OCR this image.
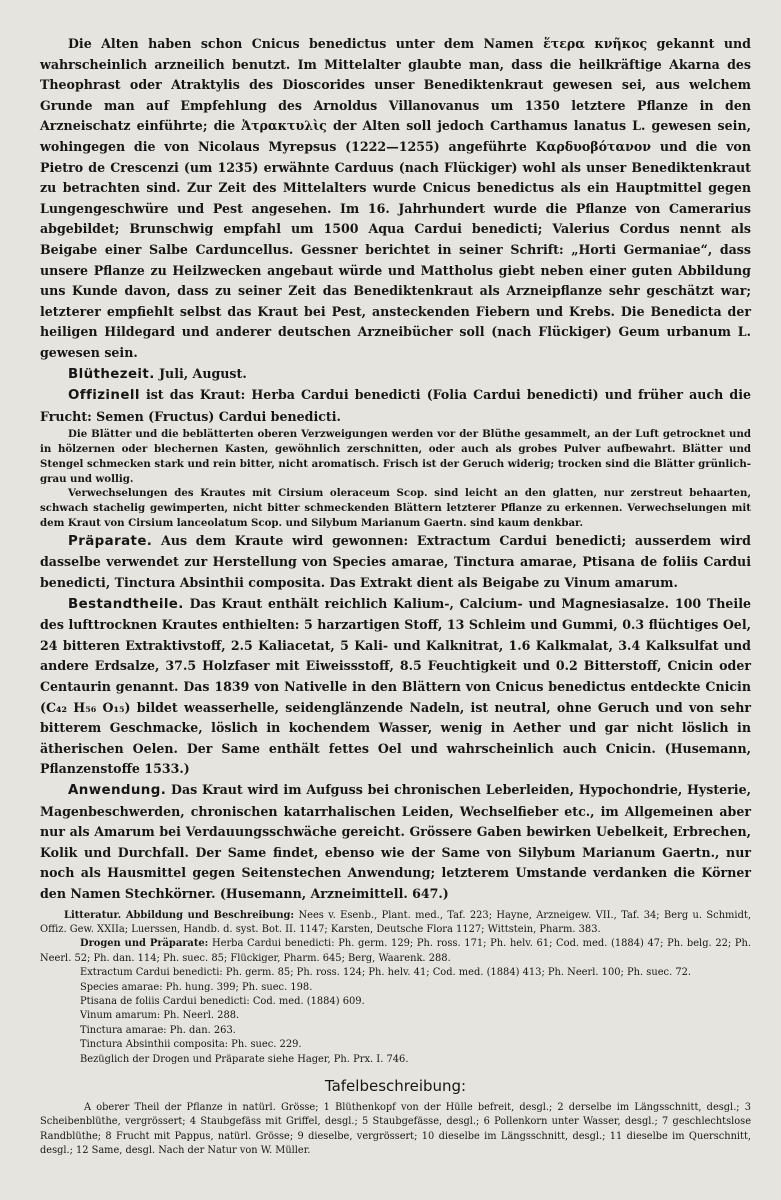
Die Alten haben schon Cnicus benedictus unter dem Namen ἕτερα κνῆκος gekannt und wahrscheinlich arzneilich benutzt. Im Mittelalter glaubte man, dass die heilkräftige Akarna des Theophrast oder Atraktylis des Dioscorides unser Benediktenkraut gewesen sei, aus welchem Grunde man auf Empfehlung des Arnoldus Villanovanus um 1350 letztere Pflanze in den Arzneischatz einführte; die Ἀτρακτυλὶς der Alten soll jedoch Carthamus lanatus L. gewesen sein, wohingegen die von Nicolaus Myrepsus (1222—1255) angeführte Καρδυοβότανον und die von Pietro de Crescenzi (um 1235) erwähnte Carduus (nach Flückiger) wohl als unser Benediktenkraut zu betrachten sind. Zur Zeit des Mittelalters wurde Cnicus benedictus als ein Hauptmittel gegen Lungengeschwüre und Pest angesehen. Im 16. Jahrhundert wurde die Pflanze von Camerarius abgebildet; Brunschwig empfahl um 1500 Aqua Cardui benedicti; Valerius Cordus nennt als Beigabe einer Salbe Carduncellus. Gessner berichtet in seiner Schrift: „Horti Germaniae“, dass unsere Pflanze zu Heilzwecken angebaut würde und Mattholus giebt neben einer guten Abbildung uns Kunde davon, dass zu seiner Zeit das Benediktenkraut als Arzneipflanze sehr geschätzt war; letzterer empfiehlt selbst das Kraut bei Pest, ansteckenden Fiebern und Krebs. Die Benedicta der heiligen Hildegard und anderer deutschen Arzneibücher soll (nach Flückiger) Geum urbanum L. gewesen sein.

Blüthezeit. Juli, August.

Offizinell ist das Kraut: Herba Cardui benedicti (Folia Cardui benedicti) und früher auch die Frucht: Semen (Fructus) Cardui benedicti.

Die Blätter und die beblätterten oberen Verzweigungen werden vor der Blüthe gesammelt, an der Luft getrocknet und in hölzernen oder blechernen Kasten, gewöhnlich zerschnitten, oder auch als grobes Pulver aufbewahrt. Blätter und Stengel schmecken stark und rein bitter, nicht aromatisch. Frisch ist der Geruch widerig; trocken sind die Blätter grünlich-grau und wollig.

Verwechselungen des Krautes mit Cirsium oleraceum Scop. sind leicht an den glatten, nur zerstreut behaarten, schwach stachelig gewimperten, nicht bitter schmeckenden Blättern letzterer Pflanze zu erkennen. Verwechselungen mit dem Kraut von Cirsium lanceolatum Scop. und Silybum Marianum Gaertn. sind kaum denkbar.

Präparate. Aus dem Kraute wird gewonnen: Extractum Cardui benedicti; ausserdem wird dasselbe verwendet zur Herstellung von Species amarae, Tinctura amarae, Ptisana de foliis Cardui benedicti, Tinctura Absinthii composita. Das Extrakt dient als Beigabe zu Vinum amarum.

Bestandtheile. Das Kraut enthält reichlich Kalium-, Calcium- und Magnesiasalze. 100 Theile des lufttrocknen Krautes enthielten: 5 harzartigen Stoff, 13 Schleim und Gummi, 0.3 flüchtiges Oel, 24 bitteren Extraktivstoff, 2.5 Kaliacetat, 5 Kali- und Kalknitrat, 1.6 Kalkmalat, 3.4 Kalksulfat und andere Erdsalze, 37.5 Holzfaser mit Eiweissstoff, 8.5 Feuchtigkeit und 0.2 Bitterstoff, Cnicin oder Centaurin genannt. Das 1839 von Nativelle in den Blättern von Cnicus benedictus entdeckte Cnicin (C₄₂ H₅₆ O₁₅) bildet weasserhelle, seidenglänzende Nadeln, ist neutral, ohne Geruch und von sehr bitterem Geschmacke, löslich in kochendem Wasser, wenig in Aether und gar nicht löslich in ätherischen Oelen. Der Same enthält fettes Oel und wahrscheinlich auch Cnicin. (Husemann, Pflanzenstoffe 1533.)

Anwendung. Das Kraut wird im Aufguss bei chronischen Leberleiden, Hypochondrie, Hysterie, Magenbeschwerden, chronischen katarrhalischen Leiden, Wechselfieber etc., im Allgemeinen aber nur als Amarum bei Verdauungsschwäche gereicht. Grössere Gaben bewirken Uebelkeit, Erbrechen, Kolik und Durchfall. Der Same findet, ebenso wie der Same von Silybum Marianum Gaertn., nur noch als Hausmittel gegen Seitenstechen Anwendung; letzterem Umstande verdanken die Körner den Namen Stechkörner. (Husemann, Arzneimittell. 647.)

Litteratur. Abbildung und Beschreibung: Nees v. Esenb., Plant. med., Taf. 223; Hayne, Arzneigew. VII., Taf. 34; Berg u. Schmidt, Offiz. Gew. XXIIa; Luerssen, Handb. d. syst. Bot. II. 1147; Karsten, Deutsche Flora 1127; Wittstein, Pharm. 383.

Drogen und Präparate: Herba Cardui benedicti: Ph. germ. 129; Ph. ross. 171; Ph. helv. 61; Cod. med. (1884) 47; Ph. belg. 22; Ph. Neerl. 52; Ph. dan. 114; Ph. suec. 85; Flückiger, Pharm. 645; Berg, Waarenk. 288.

Extractum Cardui benedicti: Ph. germ. 85; Ph. ross. 124; Ph. helv. 41; Cod. med. (1884) 413; Ph. Neerl. 100; Ph. suec. 72.

Species amarae: Ph. hung. 399; Ph. suec. 198.

Ptisana de foliis Cardui benedicti: Cod. med. (1884) 609.

Vinum amarum: Ph. Neerl. 288.

Tinctura amarae: Ph. dan. 263.

Tinctura Absinthii composita: Ph. suec. 229.

Bezüglich der Drogen und Präparate siehe Hager, Ph. Prx. I. 746.

Tafelbeschreibung:

A oberer Theil der Pflanze in natürl. Grösse; 1 Blüthenkopf von der Hülle befreit, desgl.; 2 derselbe im Längsschnitt, desgl.; 3 Scheibenblüthe, vergrössert; 4 Staubgefäss mit Griffel, desgl.; 5 Staubgefässe, desgl.; 6 Pollenkorn unter Wasser, desgl.; 7 geschlechtslose Randblüthe; 8 Frucht mit Pappus, natürl. Grösse; 9 dieselbe, vergrössert; 10 dieselbe im Längsschnitt, desgl.; 11 dieselbe im Querschnitt, desgl.; 12 Same, desgl. Nach der Natur von W. Müller.
